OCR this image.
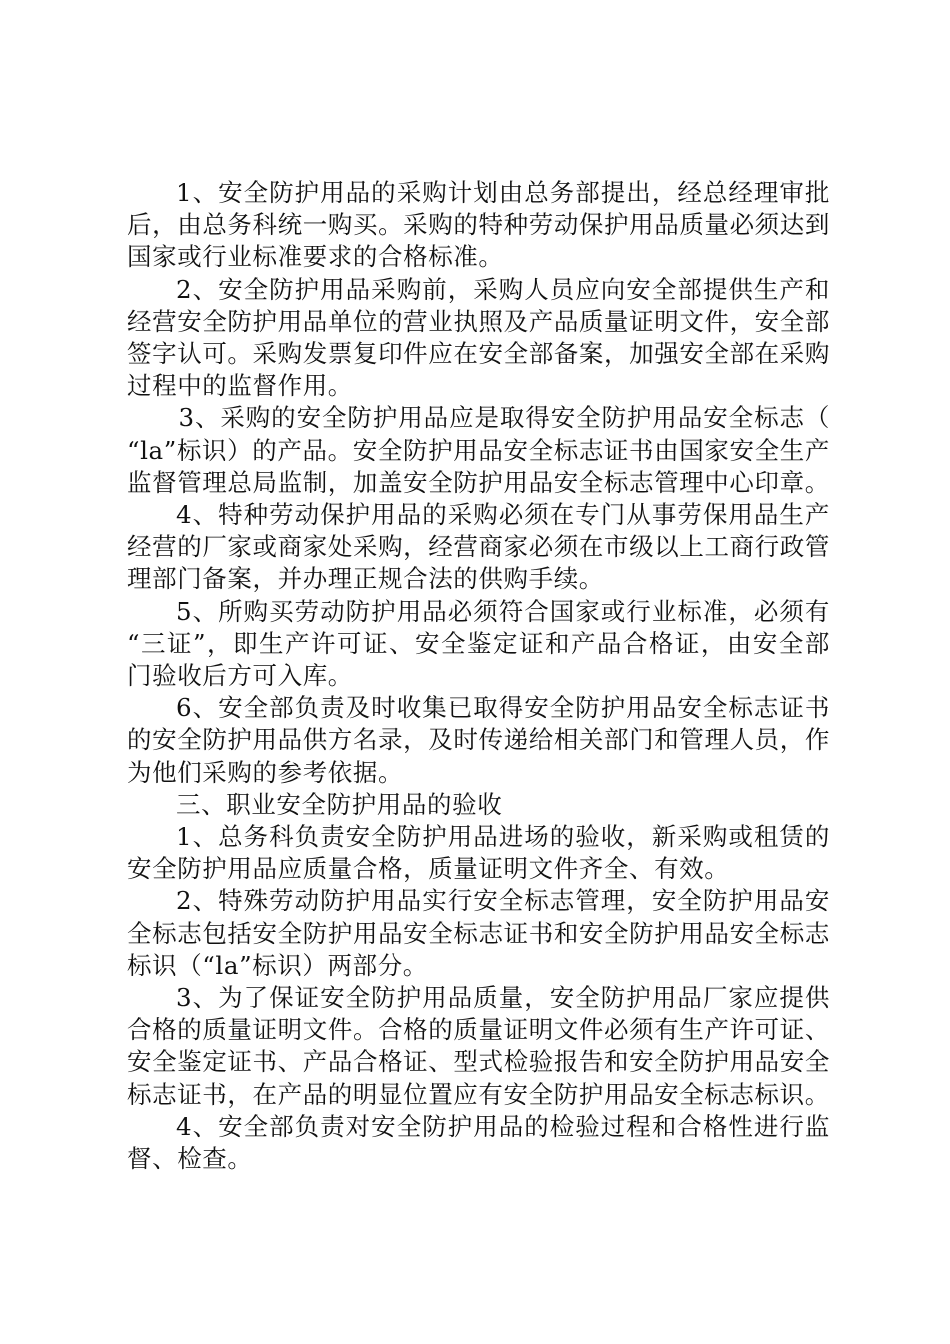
1、安全防护用品的采购计划由总务部提出，经总经理审批后，由总务科统一购买。采购的特种劳动保护用品质量必须达到国家或行业标准要求的合格标准。

2、安全防护用品采购前，采购人员应向安全部提供生产和经营安全防护用品单位的营业执照及产品质量证明文件，安全部签字认可。采购发票复印件应在安全部备案，加强安全部在采购过程中的监督作用。

3、采购的安全防护用品应是取得安全防护用品安全标志（“la”标识）的产品。安全防护用品安全标志证书由国家安全生产监督管理总局监制，加盖安全防护用品安全标志管理中心印章。

4、特种劳动保护用品的采购必须在专门从事劳保用品生产经营的厂家或商家处采购，经营商家必须在市级以上工商行政管理部门备案，并办理正规合法的供购手续。

5、所购买劳动防护用品必须符合国家或行业标准，必须有“三证”，即生产许可证、安全鉴定证和产品合格证，由安全部门验收后方可入库。

6、安全部负责及时收集已取得安全防护用品安全标志证书的安全防护用品供方名录，及时传递给相关部门和管理人员，作为他们采购的参考依据。

三、职业安全防护用品的验收

1、总务科负责安全防护用品进场的验收，新采购或租赁的安全防护用品应质量合格，质量证明文件齐全、有效。

2、特殊劳动防护用品实行安全标志管理，安全防护用品安全标志包括安全防护用品安全标志证书和安全防护用品安全标志标识（“la”标识）两部分。

3、为了保证安全防护用品质量，安全防护用品厂家应提供合格的质量证明文件。合格的质量证明文件必须有生产许可证、安全鉴定证书、产品合格证、型式检验报告和安全防护用品安全标志证书，在产品的明显位置应有安全防护用品安全标志标识。

4、安全部负责对安全防护用品的检验过程和合格性进行监督、检查。
